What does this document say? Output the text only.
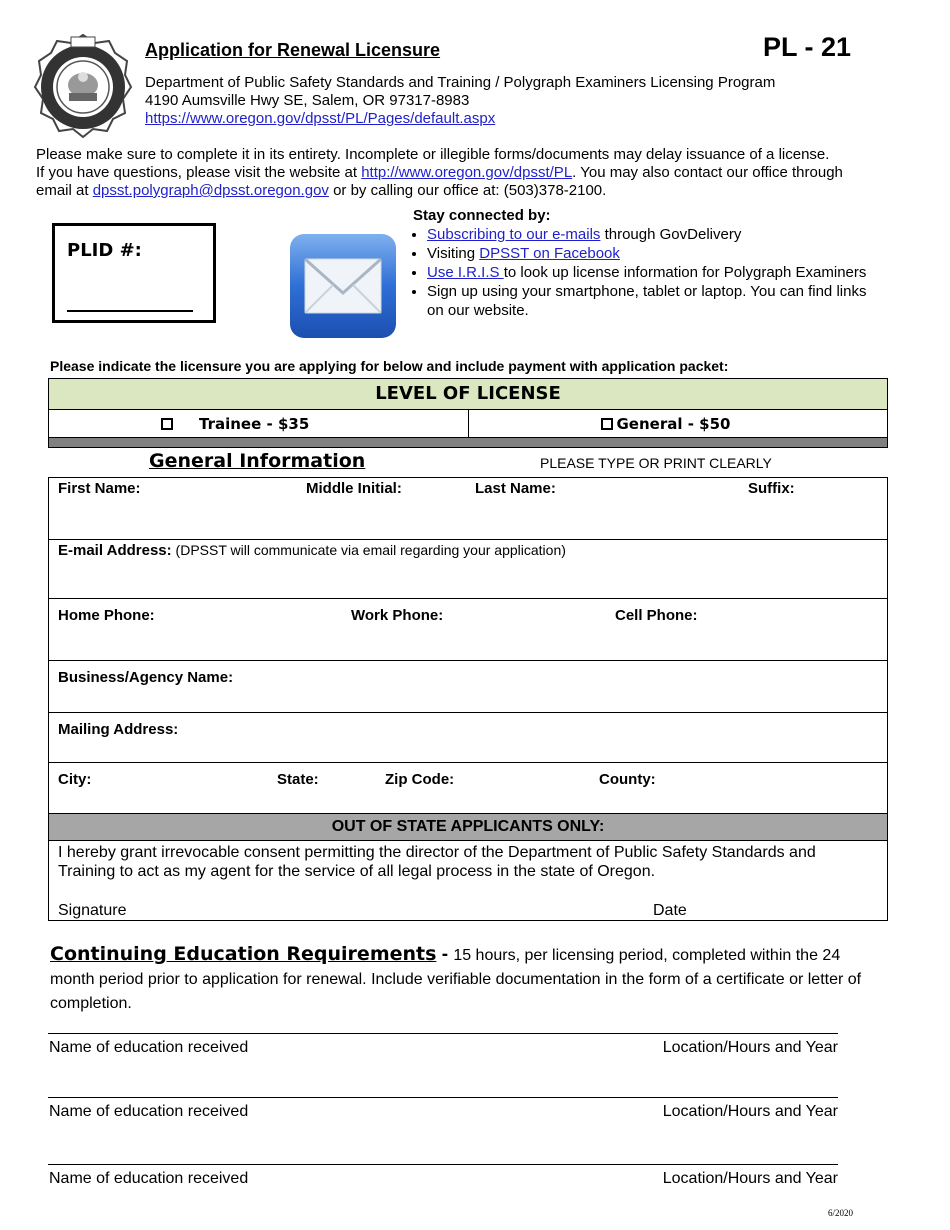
Application for Renewal Licensure	PL - 21
Department of Public Safety Standards and Training / Polygraph Examiners Licensing Program
4190 Aumsville Hwy SE, Salem, OR 97317-8983
https://www.oregon.gov/dpsst/PL/Pages/default.aspx
Please make sure to complete it in its entirety. Incomplete or illegible forms/documents may delay issuance of a license.
If you have questions, please visit the website at http://www.oregon.gov/dpsst/PL. You may also contact our office through
email at dpsst.polygraph@dpsst.oregon.gov or by calling our office at: (503)378-2100.
PLID #:
Stay connected by:
• Subscribing to our e-mails through GovDelivery
• Visiting DPSST on Facebook
• Use I.R.I.S to look up license information for Polygraph Examiners
• Sign up using your smartphone, tablet or laptop. You can find links on our website.
Please indicate the licensure you are applying for below and include payment with application packet:
LEVEL OF LICENSE
Trainee - $35	General - $50
General Information	PLEASE TYPE OR PRINT CLEARLY
First Name:	Middle Initial:	Last Name:	Suffix:
E-mail Address: (DPSST will communicate via email regarding your application)
Home Phone:	Work Phone:	Cell Phone:
Business/Agency Name:
Mailing Address:
City:	State:	Zip Code:	County:
OUT OF STATE APPLICANTS ONLY:
I hereby grant irrevocable consent permitting the director of the Department of Public Safety Standards and Training to act as my agent for the service of all legal process in the state of Oregon.
Signature	Date
Continuing Education Requirements - 15 hours, per licensing period, completed within the 24 month period prior to application for renewal. Include verifiable documentation in the form of a certificate or letter of completion.
Name of education received	Location/Hours and Year
Name of education received	Location/Hours and Year
Name of education received	Location/Hours and Year
6/2020
